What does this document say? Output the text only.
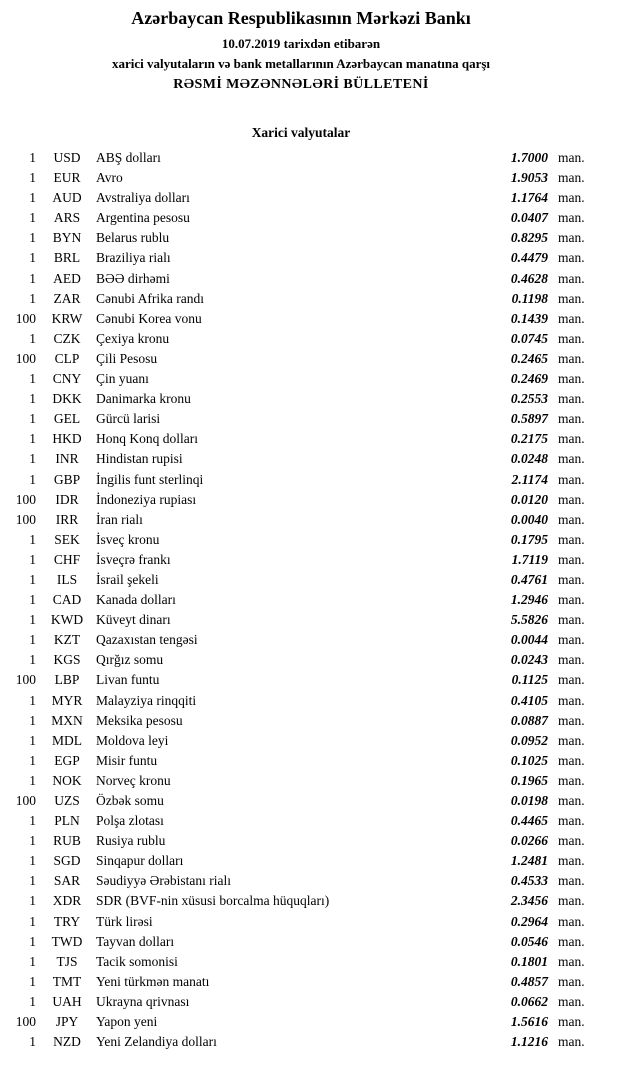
Azərbaycan Respublikasının Mərkəzi Bankı
10.07.2019 tarixdən etibarən
xarici valyutaların və bank metallarının Azərbaycan manatına qarşı
RƏSMİ MƏZƏNNƏLƏRİ BÜLLETENİ
Xarici valyutalar
1	USD	ABŞ dolları	1.7000 man.
1	EUR	Avro	1.9053 man.
1	AUD	Avstraliya dolları	1.1764 man.
1	ARS	Argentina pesosu	0.0407 man.
1	BYN	Belarus rublu	0.8295 man.
1	BRL	Braziliya rialı	0.4479 man.
1	AED	BƏƏ dirhəmi	0.4628 man.
1	ZAR	Cənubi Afrika randı	0.1198 man.
100	KRW	Cənubi Korea vonu	0.1439 man.
1	CZK	Çexiya kronu	0.0745 man.
100	CLP	Çili Pesosu	0.2465 man.
1	CNY	Çin yuanı	0.2469 man.
1	DKK	Danimarka kronu	0.2553 man.
1	GEL	Gürcü larisi	0.5897 man.
1	HKD	Honq Konq dolları	0.2175 man.
1	INR	Hindistan rupisi	0.0248 man.
1	GBP	İngilis funt sterlinqi	2.1174 man.
100	IDR	İndoneziya rupiası	0.0120 man.
100	IRR	İran rialı	0.0040 man.
1	SEK	İsveç kronu	0.1795 man.
1	CHF	İsveçrə frankı	1.7119 man.
1	ILS	İsrail şekeli	0.4761 man.
1	CAD	Kanada dolları	1.2946 man.
1	KWD Küveyt dinarı	5.5826 man.
1	KZT	Qazaxıstan tengəsi	0.0044 man.
1	KGS	Qırğız somu	0.0243 man.
100	LBP	Livan funtu	0.1125 man.
1	MYR	Malayziya rinqqiti	0.4105 man.
1	MXN Meksika pesosu	0.0887 man.
1	MDL	Moldova leyi	0.0952 man.
1	EGP	Misir funtu	0.1025 man.
1	NOK	Norveç kronu	0.1965 man.
100	UZS	Özbək somu	0.0198 man.
1	PLN	Polşa zlotası	0.4465 man.
1	RUB	Rusiya rublu	0.0266 man.
1	SGD	Sinqapur dolları	1.2481 man.
1	SAR	Səudiyyə Ərəbistanı rialı	0.4533 man.
1	XDR	SDR (BVF-nin xüsusi borcalma hüquqları)	2.3456 man.
1	TRY	Türk lirəsi	0.2964 man.
1	TWD	Tayvan dolları	0.0546 man.
1	TJS	Tacik somonisi	0.1801 man.
1	TMT	Yeni türkmən manatı	0.4857 man.
1	UAH	Ukrayna qrivnası	0.0662 man.
100	JPY	Yapon yeni	1.5616 man.
1	NZD	Yeni Zelandiya dolları	1.1216 man.
